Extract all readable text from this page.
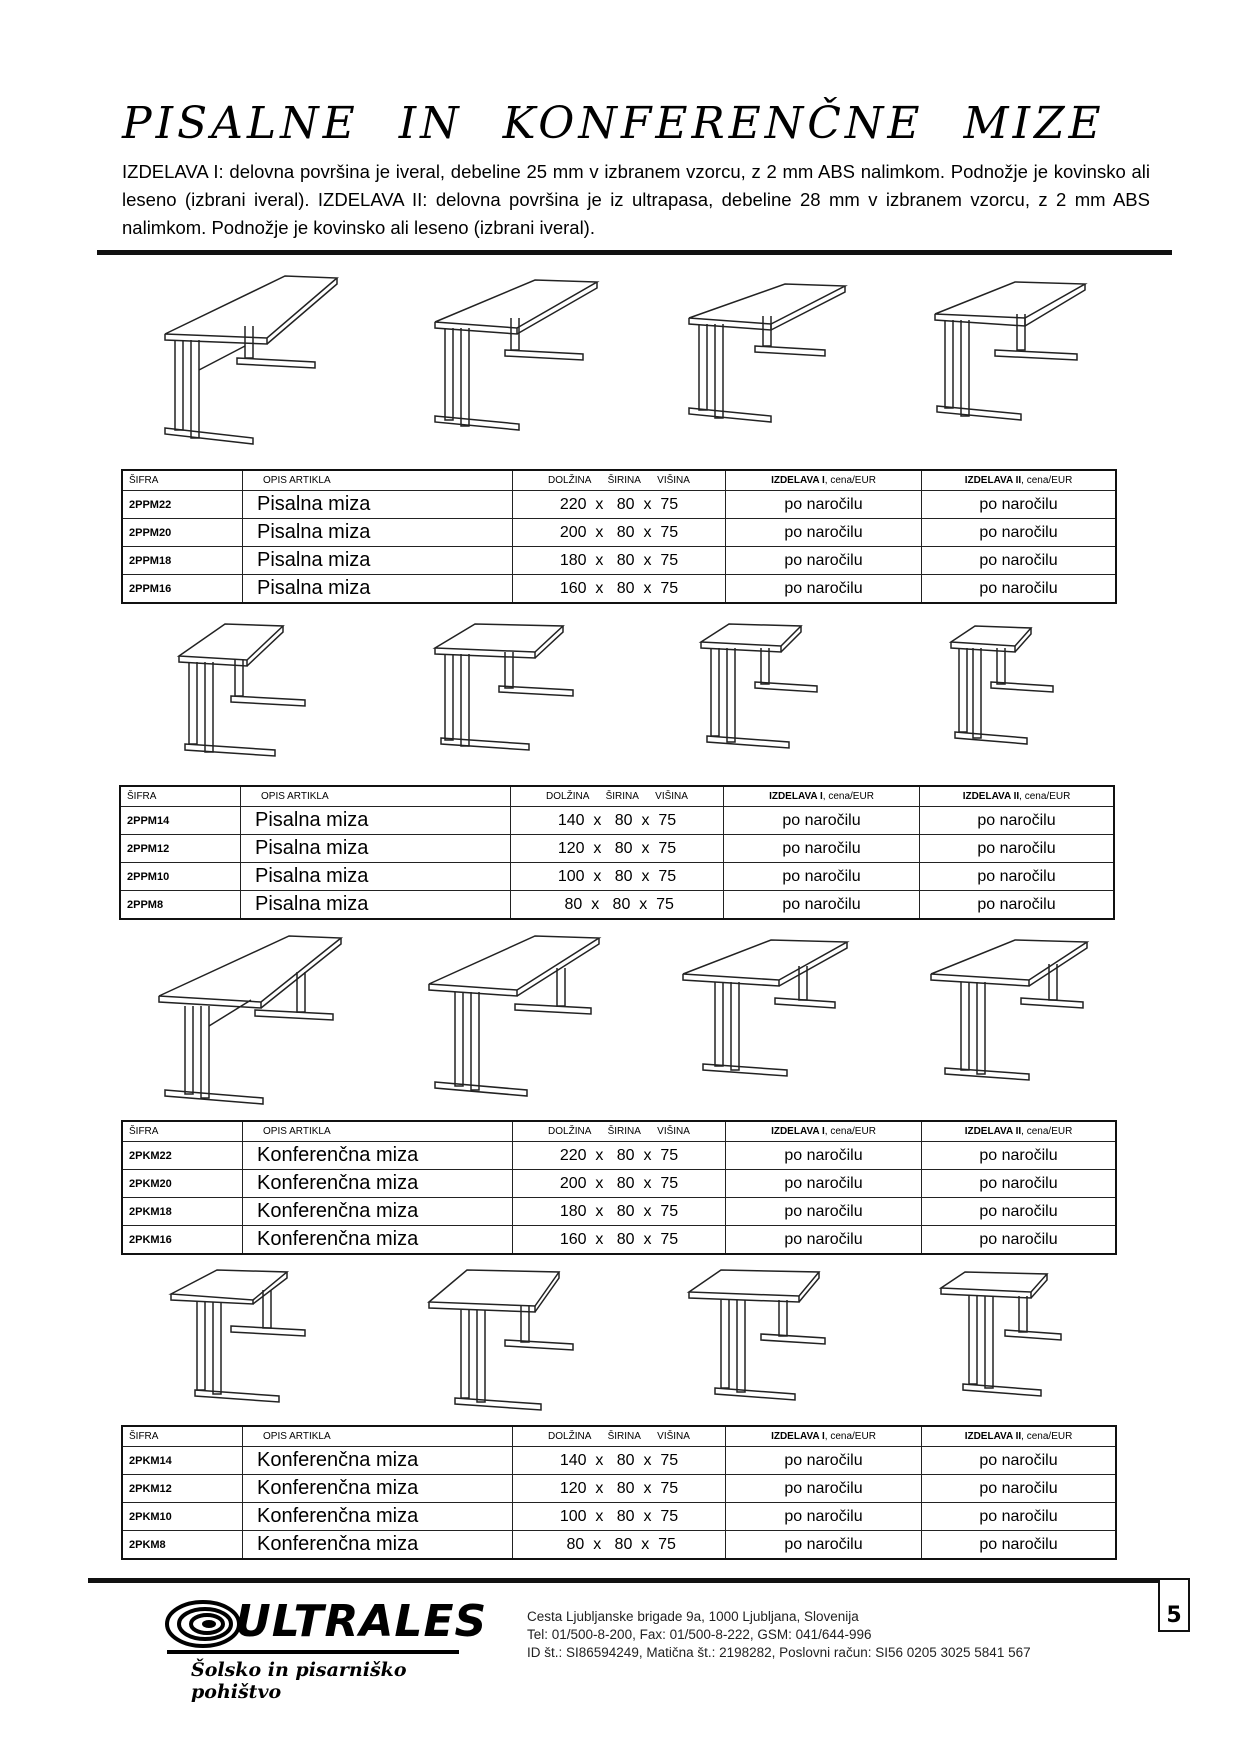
PISALNE IN KONFERENČNE MIZE

IZDELAVA I: delovna površina je iveral, debeline 25 mm v izbranem vzorcu, z 2 mm ABS nalimkom. Podnožje je kovinsko ali leseno (izbrani iveral). IZDELAVA II: delovna površina je iz ultrapasa, debeline 28 mm v izbranem vzorcu, z 2 mm ABS nalimkom. Podnožje je kovinsko ali leseno (izbrani iveral).

ŠIFRA	OPIS ARTIKLA	DOLŽINA ŠIRINA VIŠINA	IZDELAVA I, cena/EUR	IZDELAVA II, cena/EUR
2PPM22	Pisalna miza	220  x   80  x  75	po naročilu	po naročilu
2PPM20	Pisalna miza	200  x   80  x  75	po naročilu	po naročilu
2PPM18	Pisalna miza	180  x   80  x  75	po naročilu	po naročilu
2PPM16	Pisalna miza	160  x   80  x  75	po naročilu	po naročilu
ŠIFRA	OPIS ARTIKLA	DOLŽINA ŠIRINA VIŠINA	IZDELAVA I, cena/EUR	IZDELAVA II, cena/EUR
2PPM14	Pisalna miza	140  x   80  x  75	po naročilu	po naročilu
2PPM12	Pisalna miza	120  x   80  x  75	po naročilu	po naročilu
2PPM10	Pisalna miza	100  x   80  x  75	po naročilu	po naročilu
2PPM8	Pisalna miza	80  x   80  x  75	po naročilu	po naročilu
ŠIFRA	OPIS ARTIKLA	DOLŽINA ŠIRINA VIŠINA	IZDELAVA I, cena/EUR	IZDELAVA II, cena/EUR
2PKM22	Konferenčna miza	220  x   80  x  75	po naročilu	po naročilu
2PKM20	Konferenčna miza	200  x   80  x  75	po naročilu	po naročilu
2PKM18	Konferenčna miza	180  x   80  x  75	po naročilu	po naročilu
2PKM16	Konferenčna miza	160  x   80  x  75	po naročilu	po naročilu
ŠIFRA	OPIS ARTIKLA	DOLŽINA ŠIRINA VIŠINA	IZDELAVA I, cena/EUR	IZDELAVA II, cena/EUR
2PKM14	Konferenčna miza	140  x   80  x  75	po naročilu	po naročilu
2PKM12	Konferenčna miza	120  x   80  x  75	po naročilu	po naročilu
2PKM10	Konferenčna miza	100  x   80  x  75	po naročilu	po naročilu
2PKM8	Konferenčna miza	80  x   80  x  75	po naročilu	po naročilu
ULTRALES
Šolsko in pisarniško pohištvo
Cesta Ljubljanske brigade 9a, 1000 Ljubljana, Slovenija
Tel: 01/500-8-200, Fax: 01/500-8-222, GSM: 041/644-996
ID št.: SI86594249, Matična št.: 2198282, Poslovni račun: SI56 0205 3025 5841 567
5
